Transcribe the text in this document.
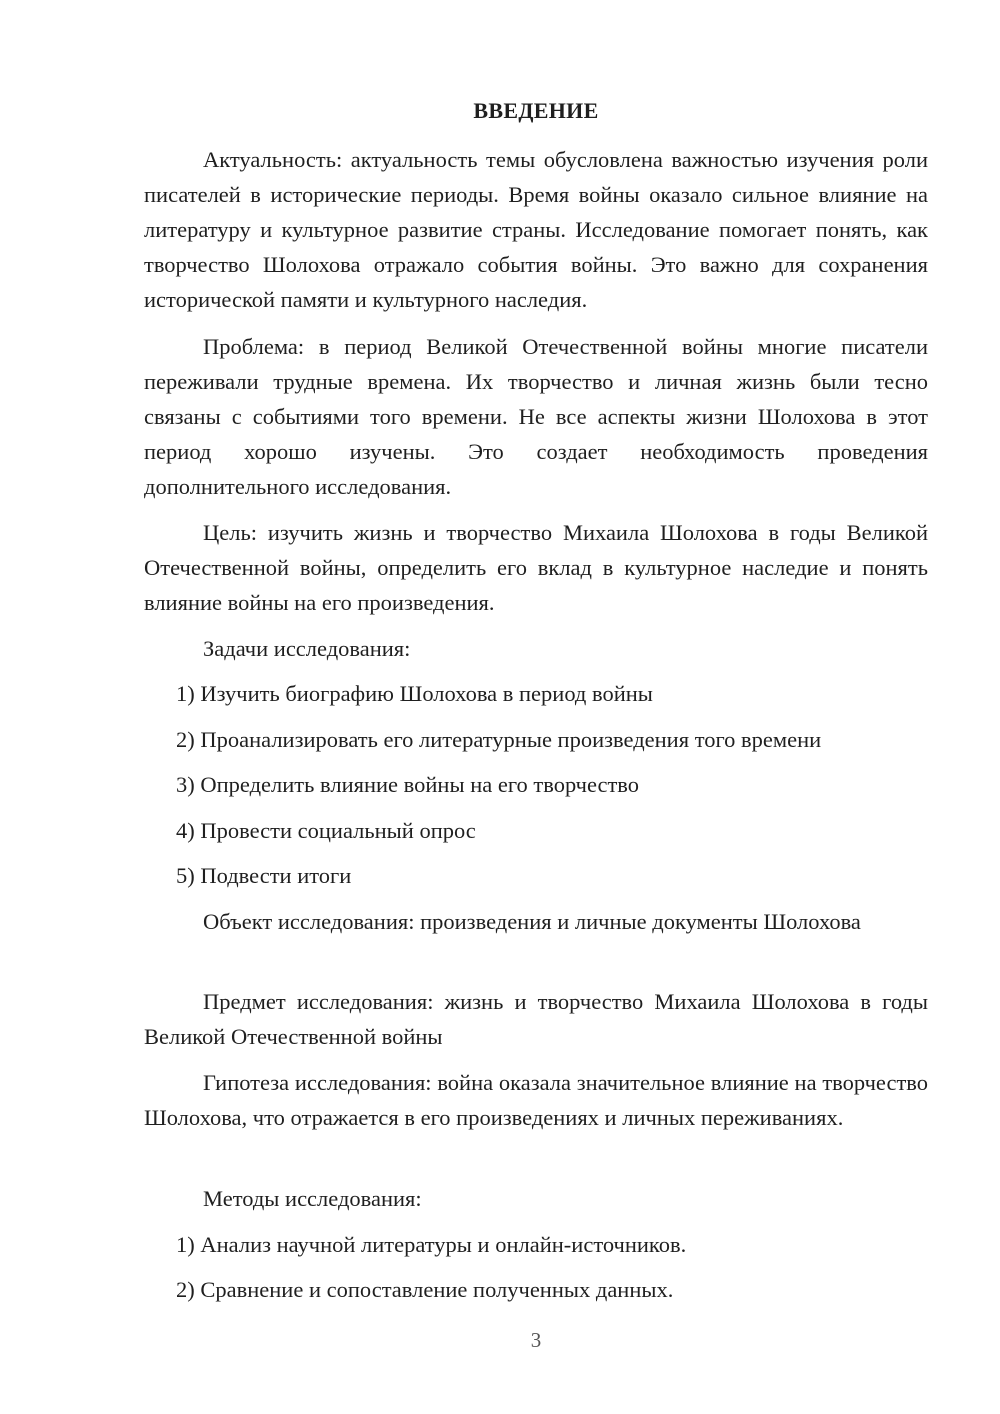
ВВЕДЕНИЕ

Актуальность: актуальность темы обусловлена важностью изучения роли писателей в исторические периоды. Время войны оказало сильное влияние на литературу и культурное развитие страны. Исследование помогает понять, как творчество Шолохова отражало события войны. Это важно для сохранения исторической памяти и культурного наследия.

Проблема: в период Великой Отечественной войны многие писатели переживали трудные времена. Их творчество и личная жизнь были тесно связаны с событиями того времени. Не все аспекты жизни Шолохова в этот период хорошо изучены. Это создает необходимость проведения дополнительного исследования.

Цель: изучить жизнь и творчество Михаила Шолохова в годы Великой Отечественной войны, определить его вклад в культурное наследие и понять влияние войны на его произведения.

Задачи исследования:

1) Изучить биографию Шолохова в период войны

2) Проанализировать его литературные произведения того времени

3) Определить влияние войны на его творчество

4) Провести социальный опрос

5) Подвести итоги

Объект исследования: произведения и личные документы Шолохова

Предмет исследования: жизнь и творчество Михаила Шолохова в годы Великой Отечественной войны

Гипотеза исследования: война оказала значительное влияние на творчество Шолохова, что отражается в его произведениях и личных переживаниях.

Методы исследования:

1) Анализ научной литературы и онлайн-источников.

2) Сравнение и сопоставление полученных данных.

3
